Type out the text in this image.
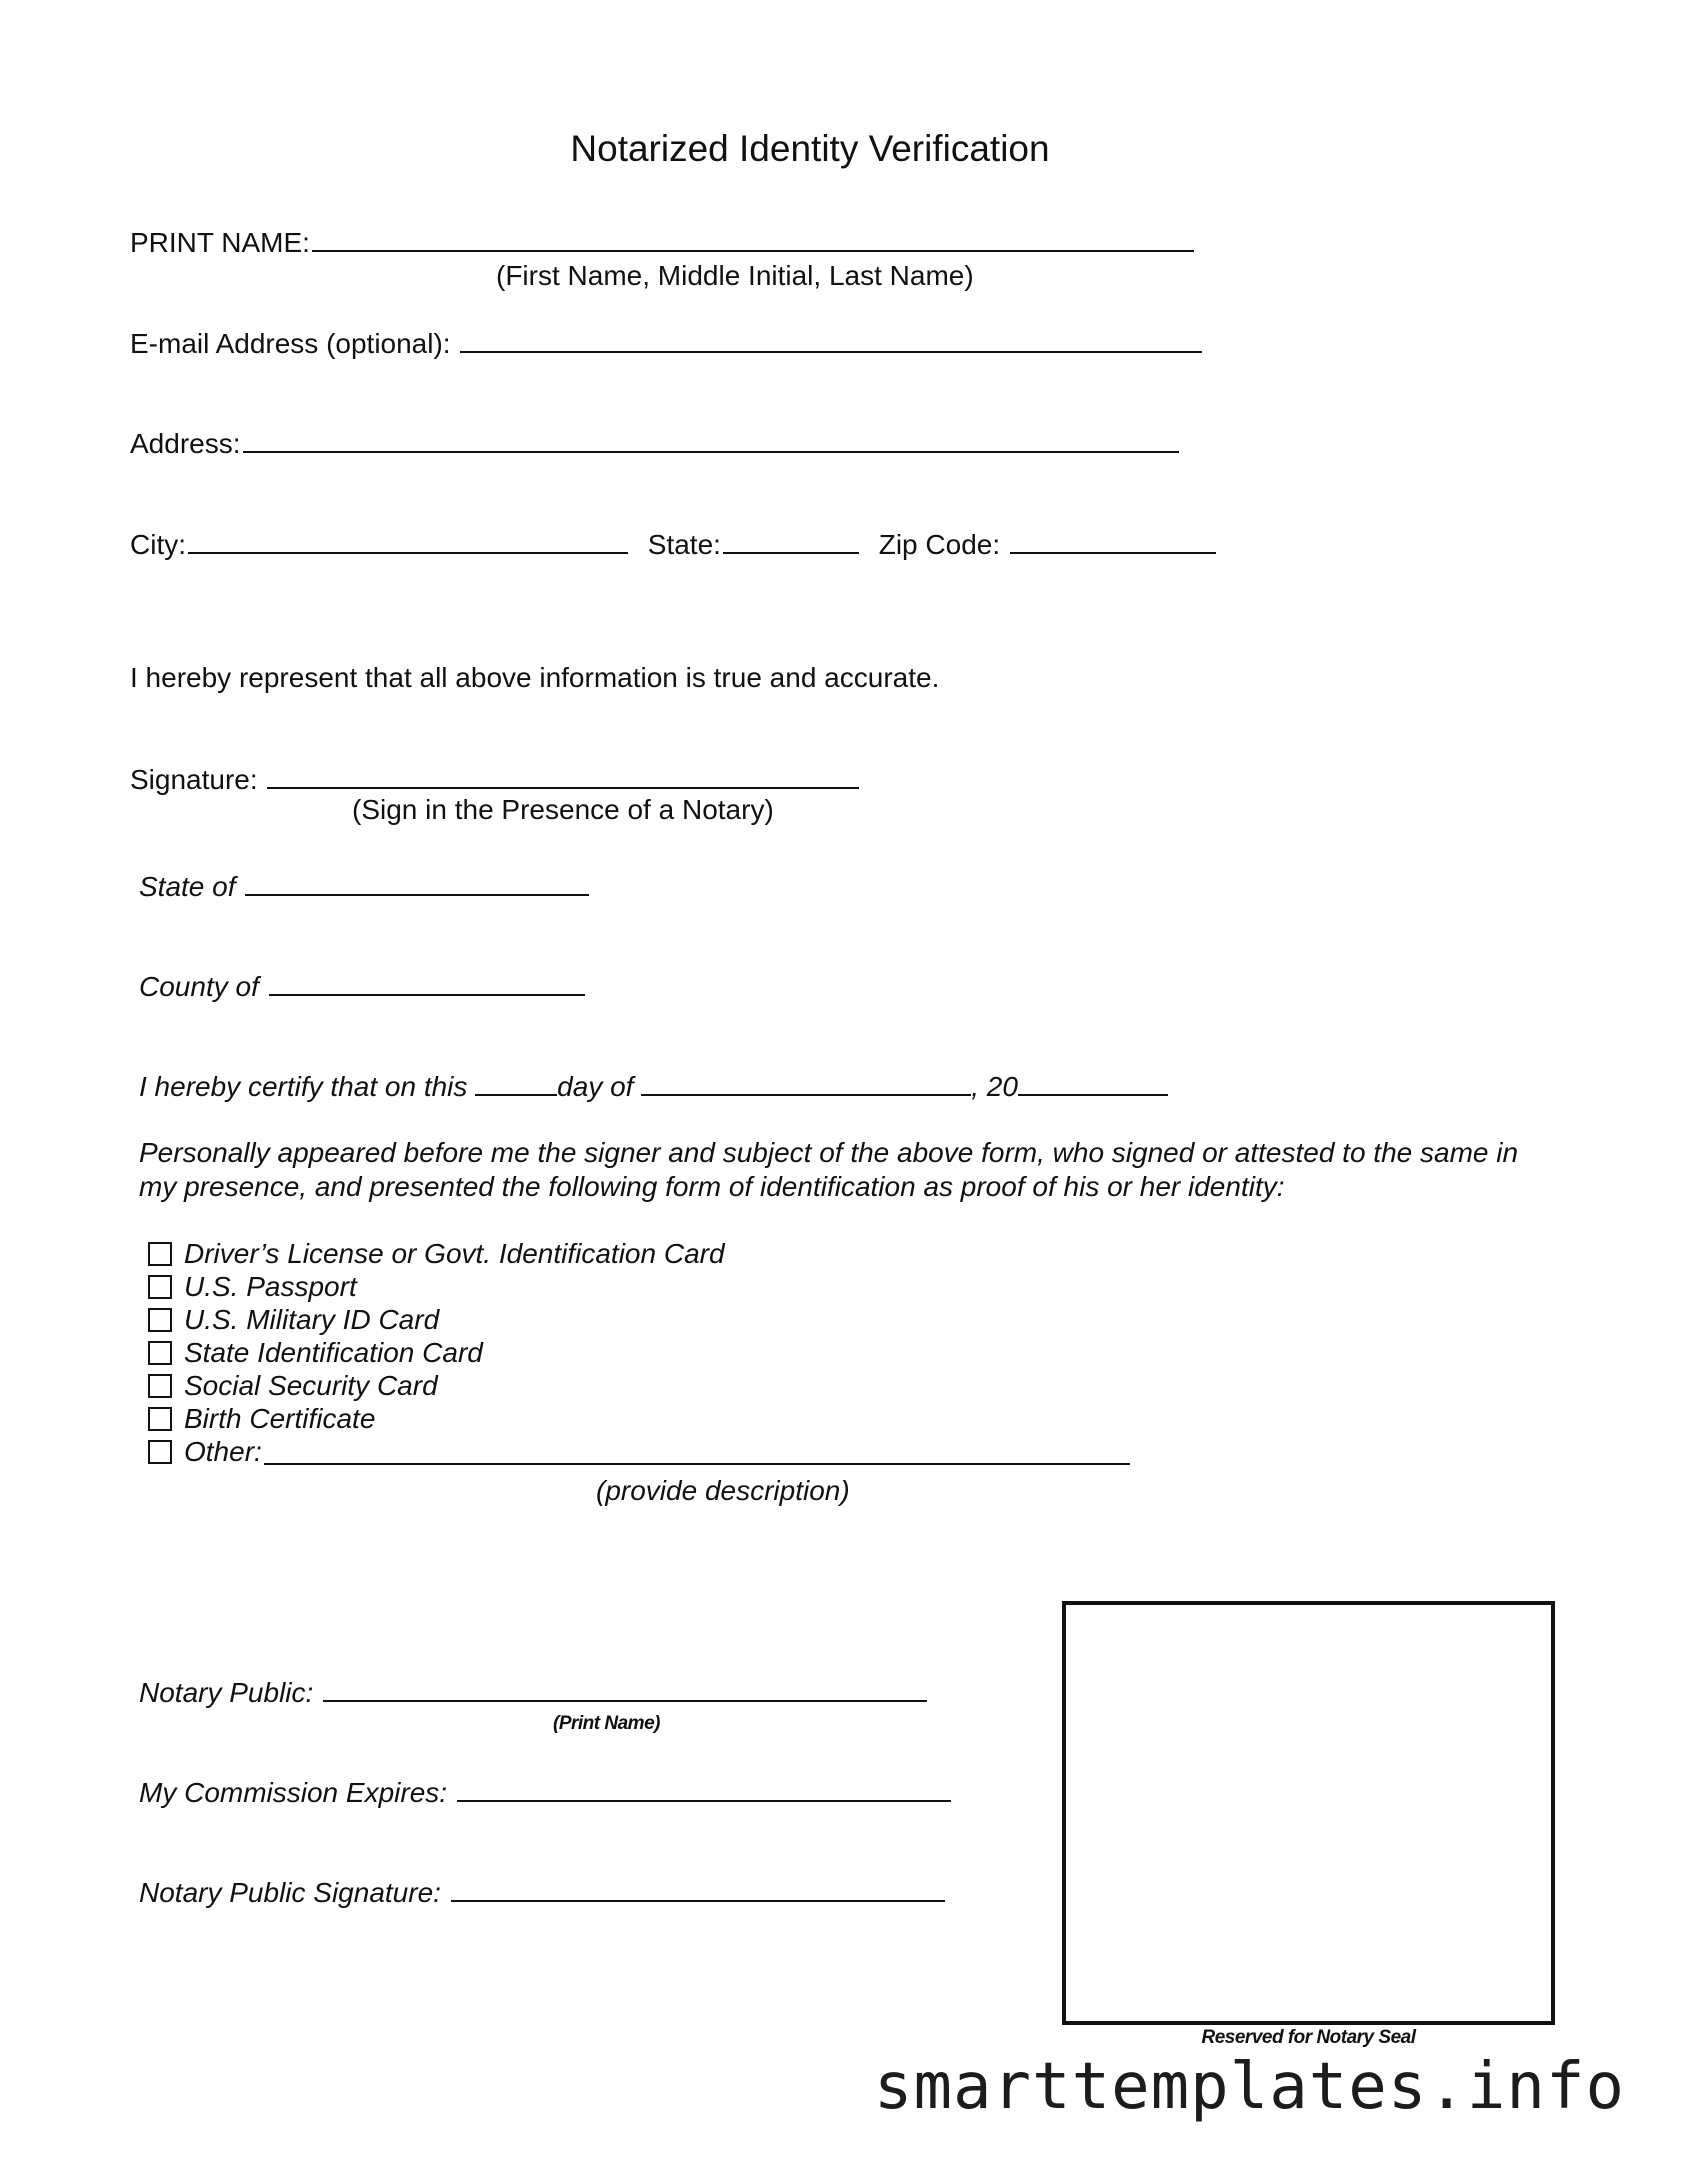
Notarized Identity Verification
PRINT NAME:
(First Name, Middle Initial, Last Name)
E-mail Address (optional):
Address:
City:	State:	Zip Code:
I hereby represent that all above information is true and accurate.
Signature:
(Sign in the Presence of a Notary)
State of
County of
I hereby certify that on this	day of	, 20
Personally appeared before me the signer and subject of the above form, who signed or attested to the same in
my presence, and presented the following form of identification as proof of his or her identity:
Driver’s License or Govt. Identification Card
U.S. Passport
U.S. Military ID Card
State Identification Card
Social Security Card
Birth Certificate
Other:
(provide description)
Notary Public:
(Print Name)
My Commission Expires:
Notary Public Signature:
Reserved for Notary Seal
smarttemplates.info
